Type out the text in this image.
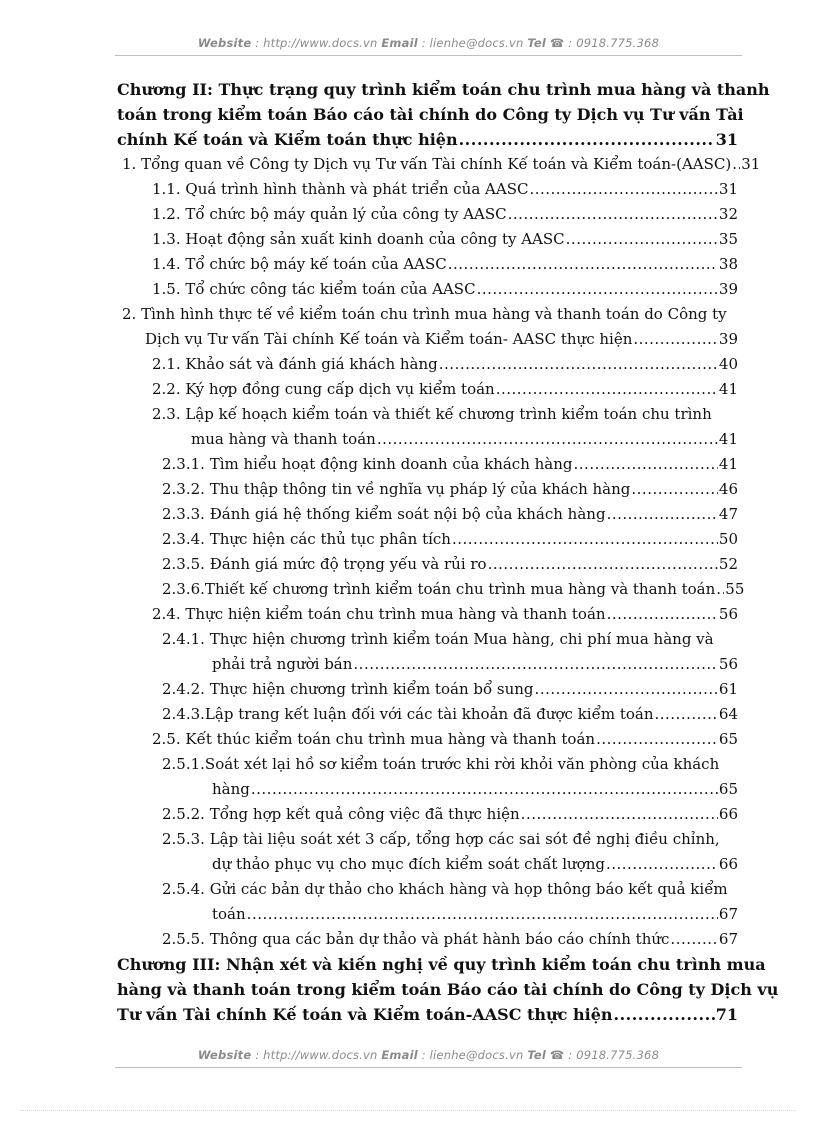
Website : http://www.docs.vn Email : lienhe@docs.vn Tel ☎ : 0918.775.368
Chương II: Thực trạng quy trình kiểm toán chu trình mua hàng và thanh
toán trong kiểm toán Báo cáo tài chính do Công ty Dịch vụ Tư vấn Tài
chính Kế toán và Kiểm toán thực hiện .....	31
1. Tổng quan về Công ty Dịch vụ Tư vấn Tài chính Kế toán và Kiểm toán-(AASC) ..... 31
1.1. Quá trình hình thành và phát triển của AASC .....	31
1.2. Tổ chức bộ máy quản lý của công ty AASC .....	32
1.3. Hoạt động sản xuất kinh doanh của công ty AASC .....	35
1.4. Tổ chức bộ máy kế toán của AASC .....	38
1.5. Tổ chức công tác kiểm toán của AASC .....	39
2. Tình hình thực tế về kiểm toán chu trình mua hàng và thanh toán do Công ty
Dịch vụ Tư vấn Tài chính Kế toán và Kiểm toán- AASC thực hiện .....	39
2.1. Khảo sát và đánh giá khách hàng .....	40
2.2. Ký hợp đồng cung cấp dịch vụ kiểm toán .....	41
2.3. Lập kế hoạch kiểm toán và thiết kế chương trình kiểm toán chu trình
mua hàng và thanh toán .....	41
2.3.1. Tìm hiểu hoạt động kinh doanh của khách hàng .....	41
2.3.2. Thu thập thông tin về nghĩa vụ pháp lý của khách hàng .....	46
2.3.3. Đánh giá hệ thống kiểm soát nội bộ của khách hàng .....	47
2.3.4. Thực hiện các thủ tục phân tích .....	50
2.3.5. Đánh giá mức độ trọng yếu và rủi ro .....	52
2.3.6.Thiết kế chương trình kiểm toán chu trình mua hàng và thanh toán ..... 55
2.4. Thực hiện kiểm toán chu trình mua hàng và thanh toán .....	56
2.4.1. Thực hiện chương trình kiểm toán Mua hàng, chi phí mua hàng và
phải trả người bán .....	56
2.4.2. Thực hiện chương trình kiểm toán bổ sung .....	61
2.4.3.Lập trang kết luận đối với các tài khoản đã được kiểm toán .....	64
2.5. Kết thúc kiểm toán chu trình mua hàng và thanh toán .....	65
2.5.1.Soát xét lại hồ sơ kiểm toán trước khi rời khỏi văn phòng của khách
hàng .....	65
2.5.2. Tổng hợp kết quả công việc đã thực hiện .....	66
2.5.3. Lập tài liệu soát xét 3 cấp, tổng hợp các sai sót đề nghị điều chỉnh,
dự thảo phục vụ cho mục đích kiểm soát chất lượng .....	66
2.5.4. Gửi các bản dự thảo cho khách hàng và họp thông báo kết quả kiểm
toán .....	67
2.5.5. Thông qua các bản dự thảo và phát hành báo cáo chính thức .....	67
Chương III: Nhận xét và kiến nghị về quy trình kiểm toán chu trình mua
hàng và thanh toán trong kiểm toán Báo cáo tài chính do Công ty Dịch vụ
Tư vấn Tài chính Kế toán và Kiểm toán-AASC thực hiện .....	71
Website : http://www.docs.vn Email : lienhe@docs.vn Tel ☎ : 0918.775.368
